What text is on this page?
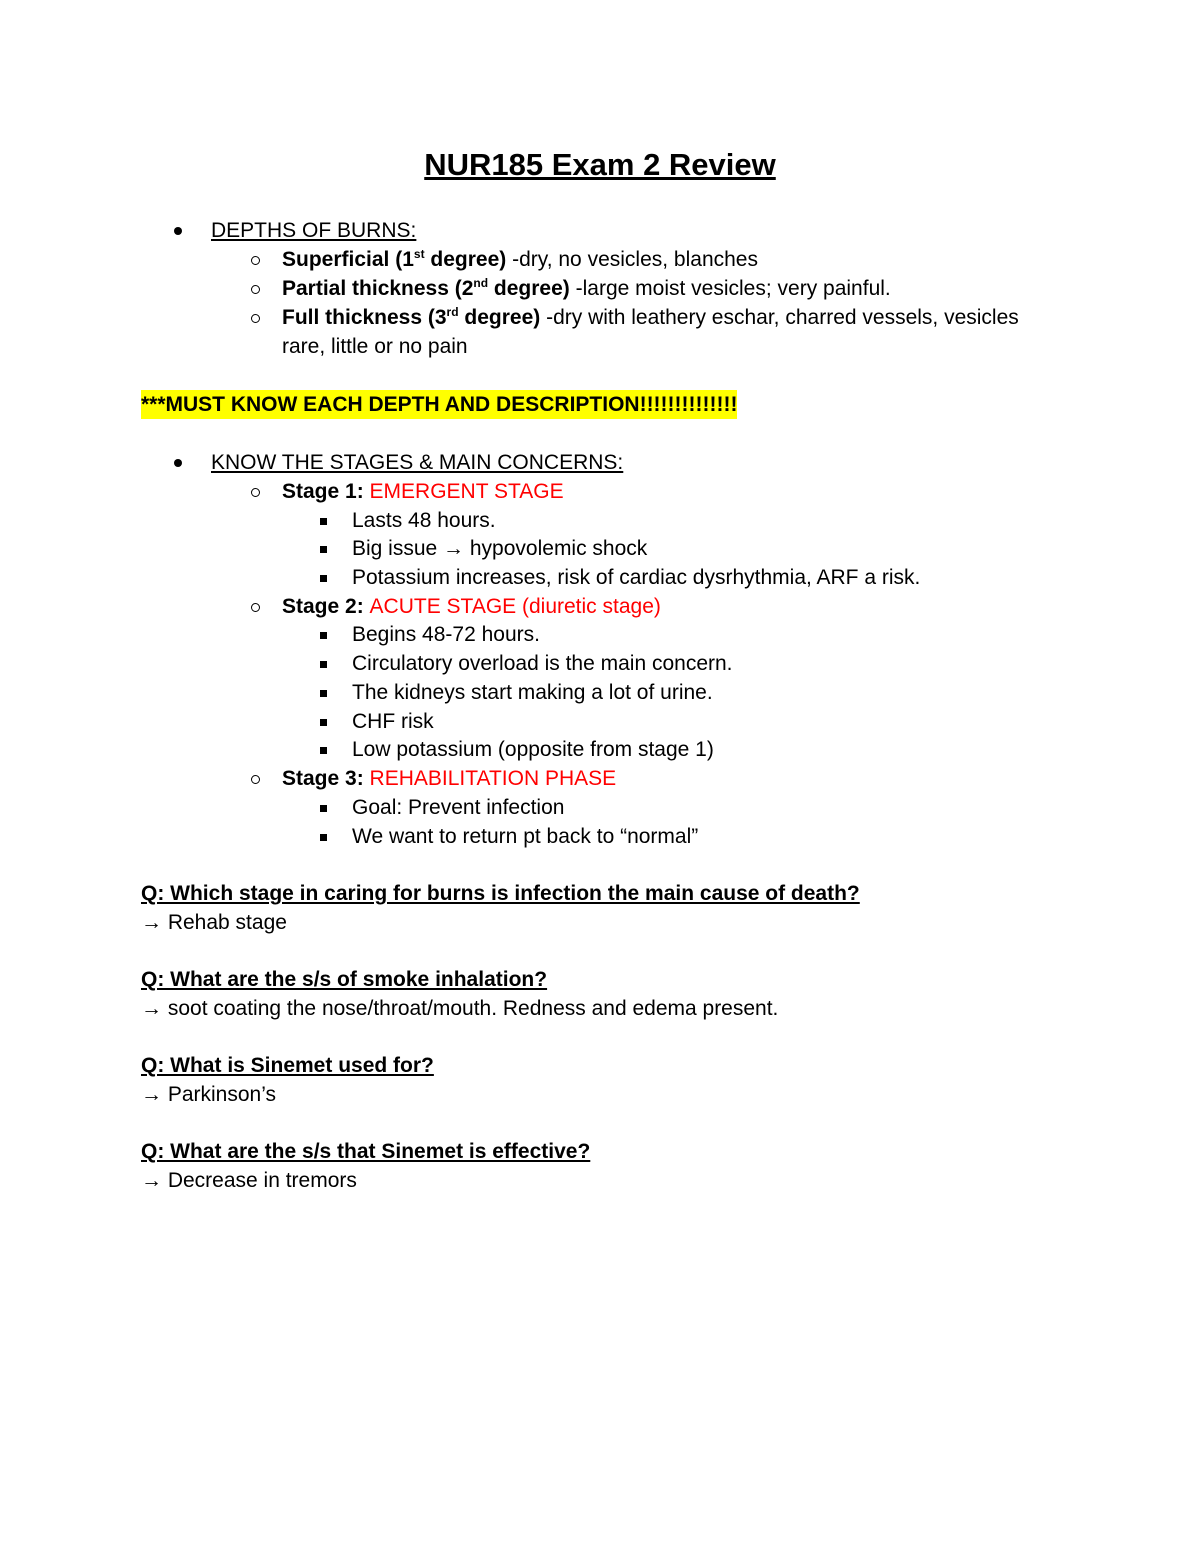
NUR185 Exam 2 Review
DEPTHS OF BURNS:
Superficial (1st degree) -dry, no vesicles, blanches
Partial thickness (2nd degree) -large moist vesicles; very painful.
Full thickness (3rd degree) -dry with leathery eschar, charred vessels, vesicles
rare, little or no pain
***MUST KNOW EACH DEPTH AND DESCRIPTION!!!!!!!!!!!!!!
KNOW THE STAGES & MAIN CONCERNS:
Stage 1: EMERGENT STAGE
Lasts 48 hours.
Big issue → hypovolemic shock
Potassium increases, risk of cardiac dysrhythmia, ARF a risk.
Stage 2: ACUTE STAGE (diuretic stage)
Begins 48-72 hours.
Circulatory overload is the main concern.
The kidneys start making a lot of urine.
CHF risk
Low potassium (opposite from stage 1)
Stage 3: REHABILITATION PHASE
Goal: Prevent infection
We want to return pt back to “normal”
Q: Which stage in caring for burns is infection the main cause of death?
→ Rehab stage
Q: What are the s/s of smoke inhalation?
→ soot coating the nose/throat/mouth. Redness and edema present.
Q: What is Sinemet used for?
→ Parkinson’s
Q: What are the s/s that Sinemet is effective?
→ Decrease in tremors
